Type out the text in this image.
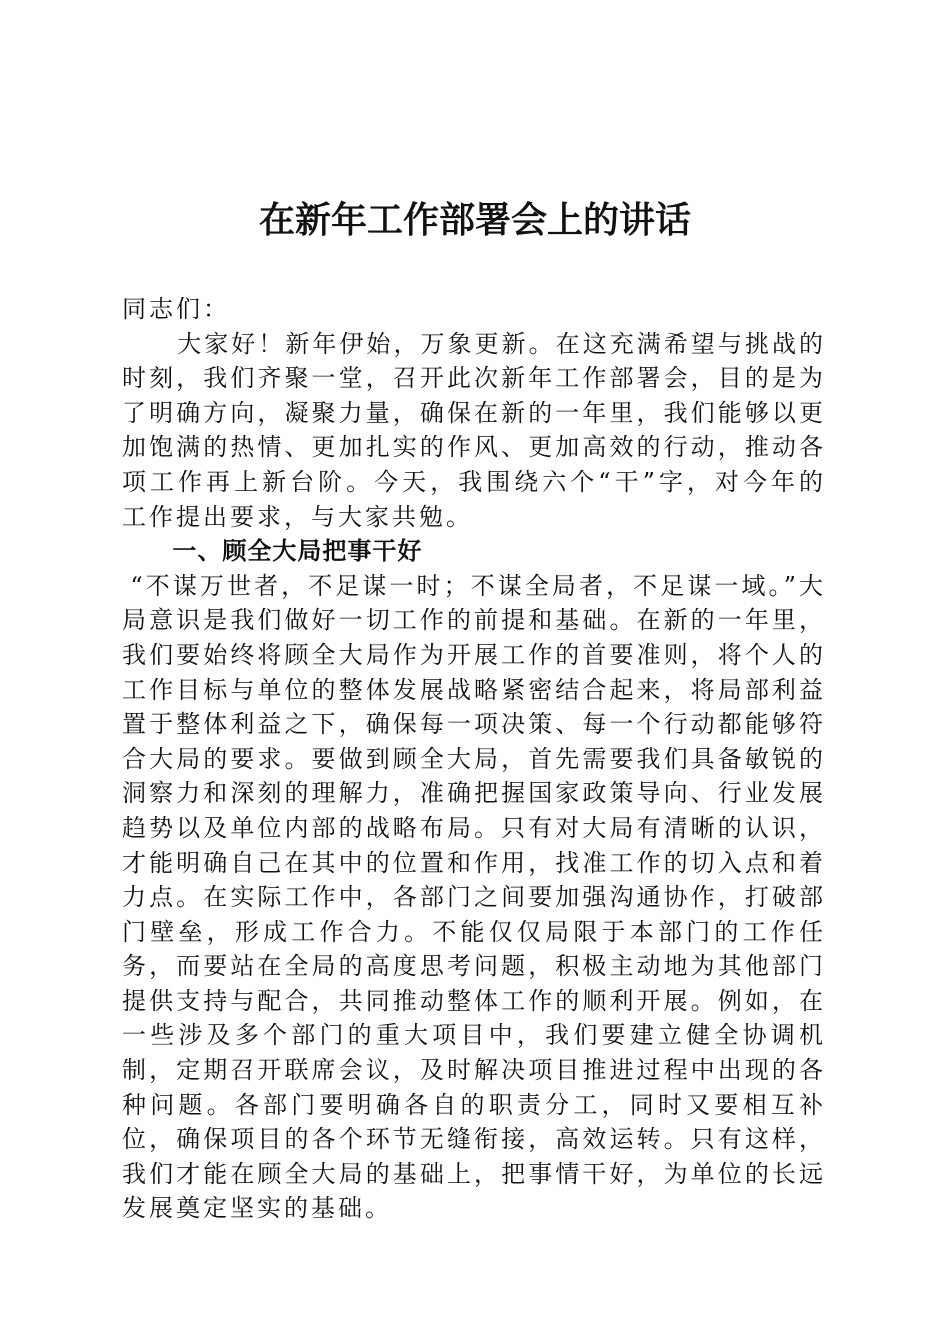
在新年工作部署会上的讲话

同志们：

大家好！新年伊始，万象更新。在这充满希望与挑战的时刻，我们齐聚一堂，召开此次新年工作部署会，目的是为了明确方向，凝聚力量，确保在新的一年里，我们能够以更加饱满的热情、更加扎实的作风、更加高效的行动，推动各项工作再上新台阶。今天，我围绕六个“干”字，对今年的工作提出要求，与大家共勉。

一、顾全大局把事干好

“不谋万世者，不足谋一时；不谋全局者，不足谋一域。”大局意识是我们做好一切工作的前提和基础。在新的一年里，我们要始终将顾全大局作为开展工作的首要准则，将个人的工作目标与单位的整体发展战略紧密结合起来，将局部利益置于整体利益之下，确保每一项决策、每一个行动都能够符合大局的要求。要做到顾全大局，首先需要我们具备敏锐的洞察力和深刻的理解力，准确把握国家政策导向、行业发展趋势以及单位内部的战略布局。只有对大局有清晰的认识，才能明确自己在其中的位置和作用，找准工作的切入点和着力点。在实际工作中，各部门之间要加强沟通协作，打破部门壁垒，形成工作合力。不能仅仅局限于本部门的工作任务，而要站在全局的高度思考问题，积极主动地为其他部门提供支持与配合，共同推动整体工作的顺利开展。例如，在一些涉及多个部门的重大项目中，我们要建立健全协调机制，定期召开联席会议，及时解决项目推进过程中出现的各种问题。各部门要明确各自的职责分工，同时又要相互补位，确保项目的各个环节无缝衔接，高效运转。只有这样，我们才能在顾全大局的基础上，把事情干好，为单位的长远发展奠定坚实的基础。
